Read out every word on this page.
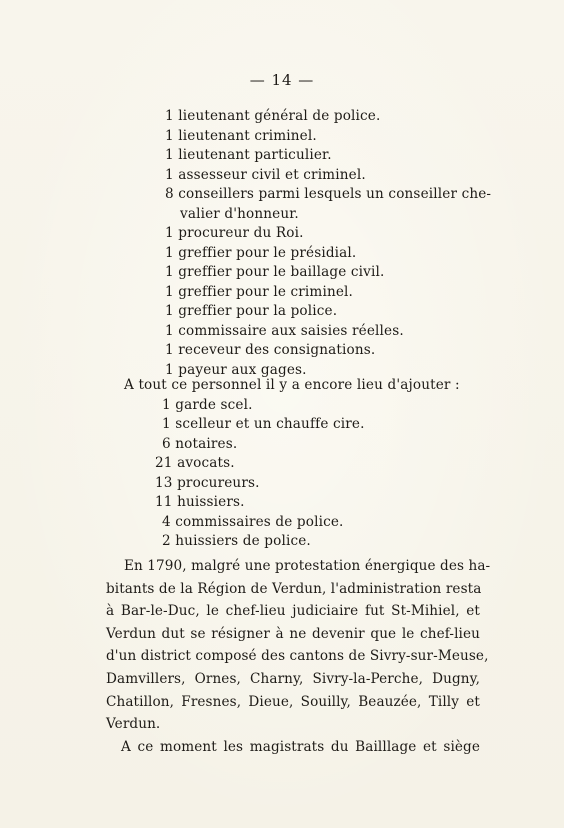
— 14 —
1 lieutenant général de police.
1 lieutenant criminel.
1 lieutenant particulier.
1 assesseur civil et criminel.
8 conseillers parmi lesquels un conseiller che-
valier d'honneur.
1 procureur du Roi.
1 greffier pour le présidial.
1 greffier pour le baillage civil.
1 greffier pour le criminel.
1 greffier pour la police.
1 commissaire aux saisies réelles.
1 receveur des consignations.
1 payeur aux gages.
A tout ce personnel il y a encore lieu d'ajouter :
1 garde scel.
1 scelleur et un chauffe cire.
6 notaires.
21 avocats.
13 procureurs.
11 huissiers.
4 commissaires de police.
2 huissiers de police.
En 1790, malgré une protestation énergique des ha-
bitants de la Région de Verdun, l'administration resta
à Bar-le-Duc, le chef-lieu judiciaire fut St-Mihiel, et
Verdun dut se résigner à ne devenir que le chef-lieu
d'un district composé des cantons de Sivry-sur-Meuse,
Damvillers, Ornes, Charny, Sivry-la-Perche, Dugny,
Chatillon, Fresnes, Dieue, Souilly, Beauzée, Tilly et
Verdun.
A ce moment les magistrats du Bailllage et siège
